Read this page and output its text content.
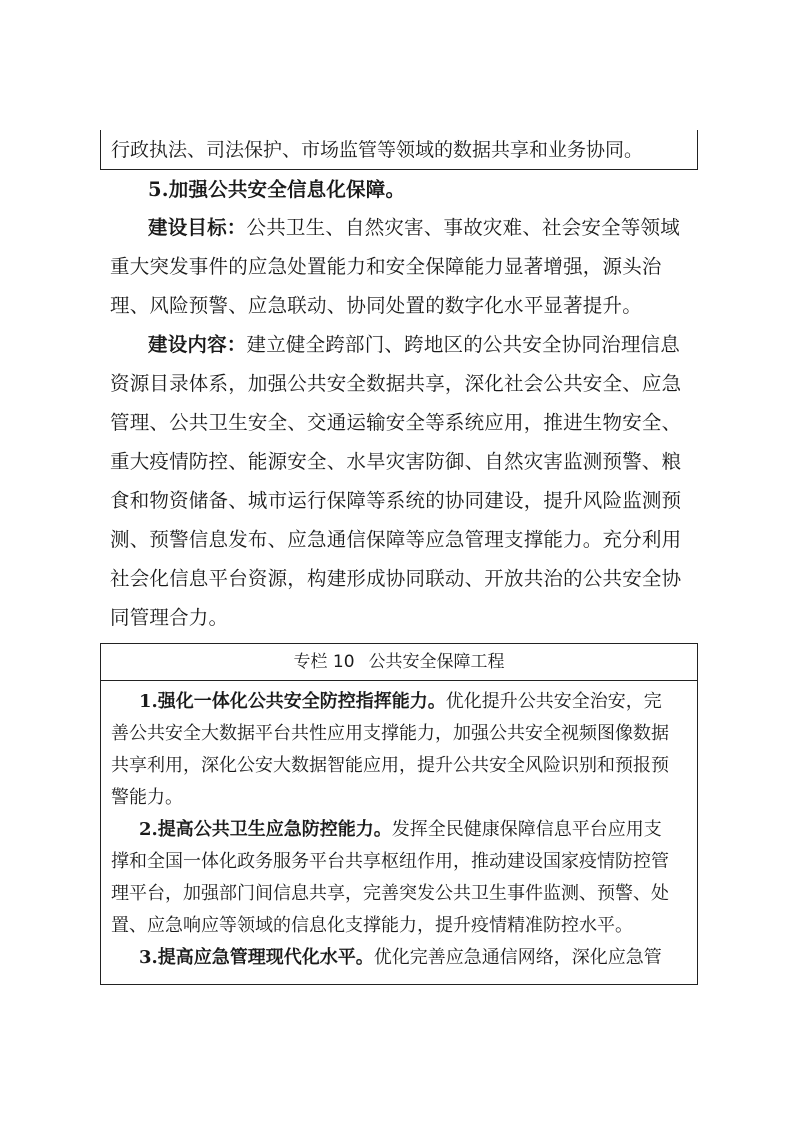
行政执法、司法保护、市场监管等领域的数据共享和业务协同。
5.加强公共安全信息化保障。
建设目标：公共卫生、自然灾害、事故灾难、社会安全等领域
重大突发事件的应急处置能力和安全保障能力显著增强，源头治
理、风险预警、应急联动、协同处置的数字化水平显著提升。
建设内容：建立健全跨部门、跨地区的公共安全协同治理信息
资源目录体系，加强公共安全数据共享，深化社会公共安全、应急
管理、公共卫生安全、交通运输安全等系统应用，推进生物安全、
重大疫情防控、能源安全、水旱灾害防御、自然灾害监测预警、粮
食和物资储备、城市运行保障等系统的协同建设，提升风险监测预
测、预警信息发布、应急通信保障等应急管理支撑能力。充分利用
社会化信息平台资源，构建形成协同联动、开放共治的公共安全协
同管理合力。
专栏 10 公共安全保障工程
1.强化一体化公共安全防控指挥能力。优化提升公共安全治安，完
善公共安全大数据平台共性应用支撑能力，加强公共安全视频图像数据
共享利用，深化公安大数据智能应用，提升公共安全风险识别和预报预
警能力。
2.提高公共卫生应急防控能力。发挥全民健康保障信息平台应用支
撑和全国一体化政务服务平台共享枢纽作用，推动建设国家疫情防控管
理平台，加强部门间信息共享，完善突发公共卫生事件监测、预警、处
置、应急响应等领域的信息化支撑能力，提升疫情精准防控水平。
3.提高应急管理现代化水平。优化完善应急通信网络，深化应急管
